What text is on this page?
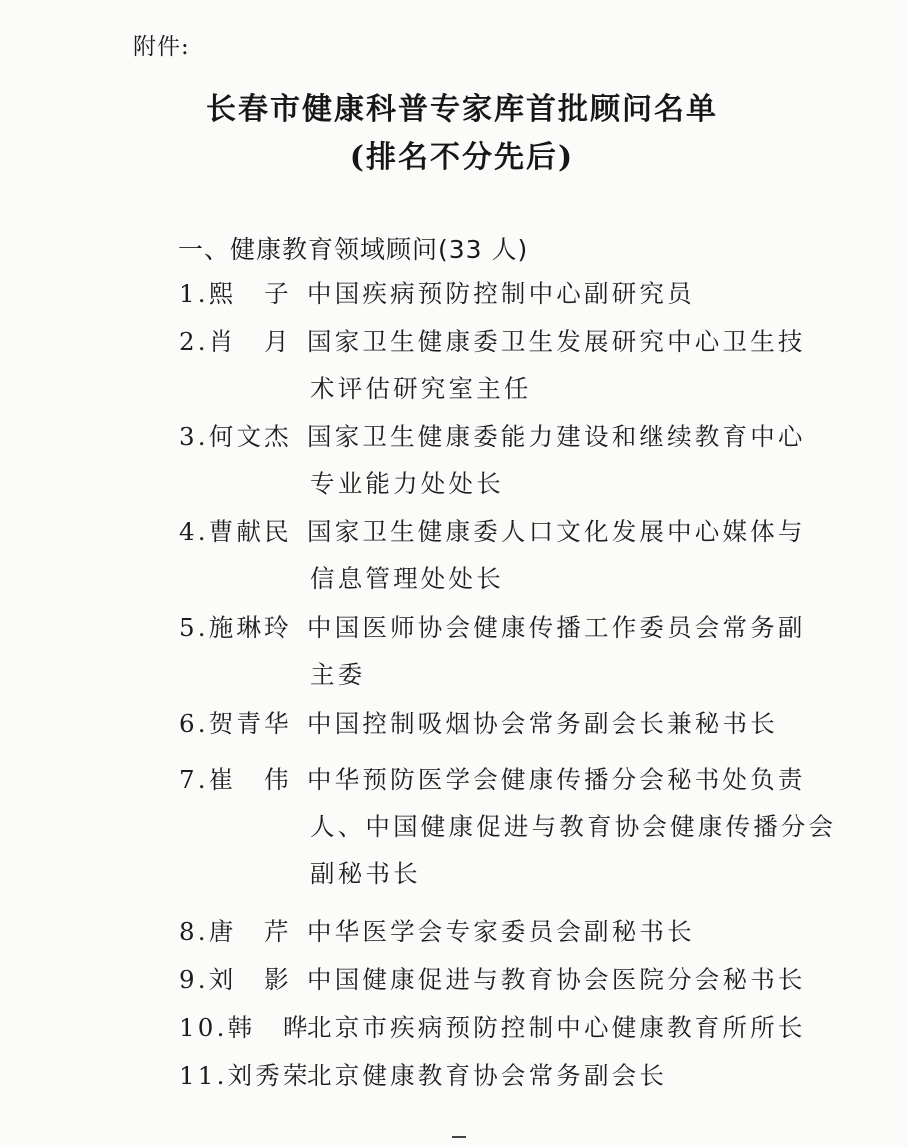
附件:
长春市健康科普专家库首批顾问名单
(排名不分先后)
一、健康教育领域顾问(33 人)
1.熙　子 中国疾病预防控制中心副研究员
2.肖　月 国家卫生健康委卫生发展研究中心卫生技
术评估研究室主任
3.何文杰 国家卫生健康委能力建设和继续教育中心
专业能力处处长
4.曹献民 国家卫生健康委人口文化发展中心媒体与
信息管理处处长
5.施琳玲 中国医师协会健康传播工作委员会常务副
主委
6.贺青华 中国控制吸烟协会常务副会长兼秘书长
7.崔　伟 中华预防医学会健康传播分会秘书处负责
人、中国健康促进与教育协会健康传播分会
副秘书长
8.唐　芹 中华医学会专家委员会副秘书长
9.刘　影 中国健康促进与教育协会医院分会秘书长
10.韩　晔北京市疾病预防控制中心健康教育所所长
11.刘秀荣北京健康教育协会常务副会长
